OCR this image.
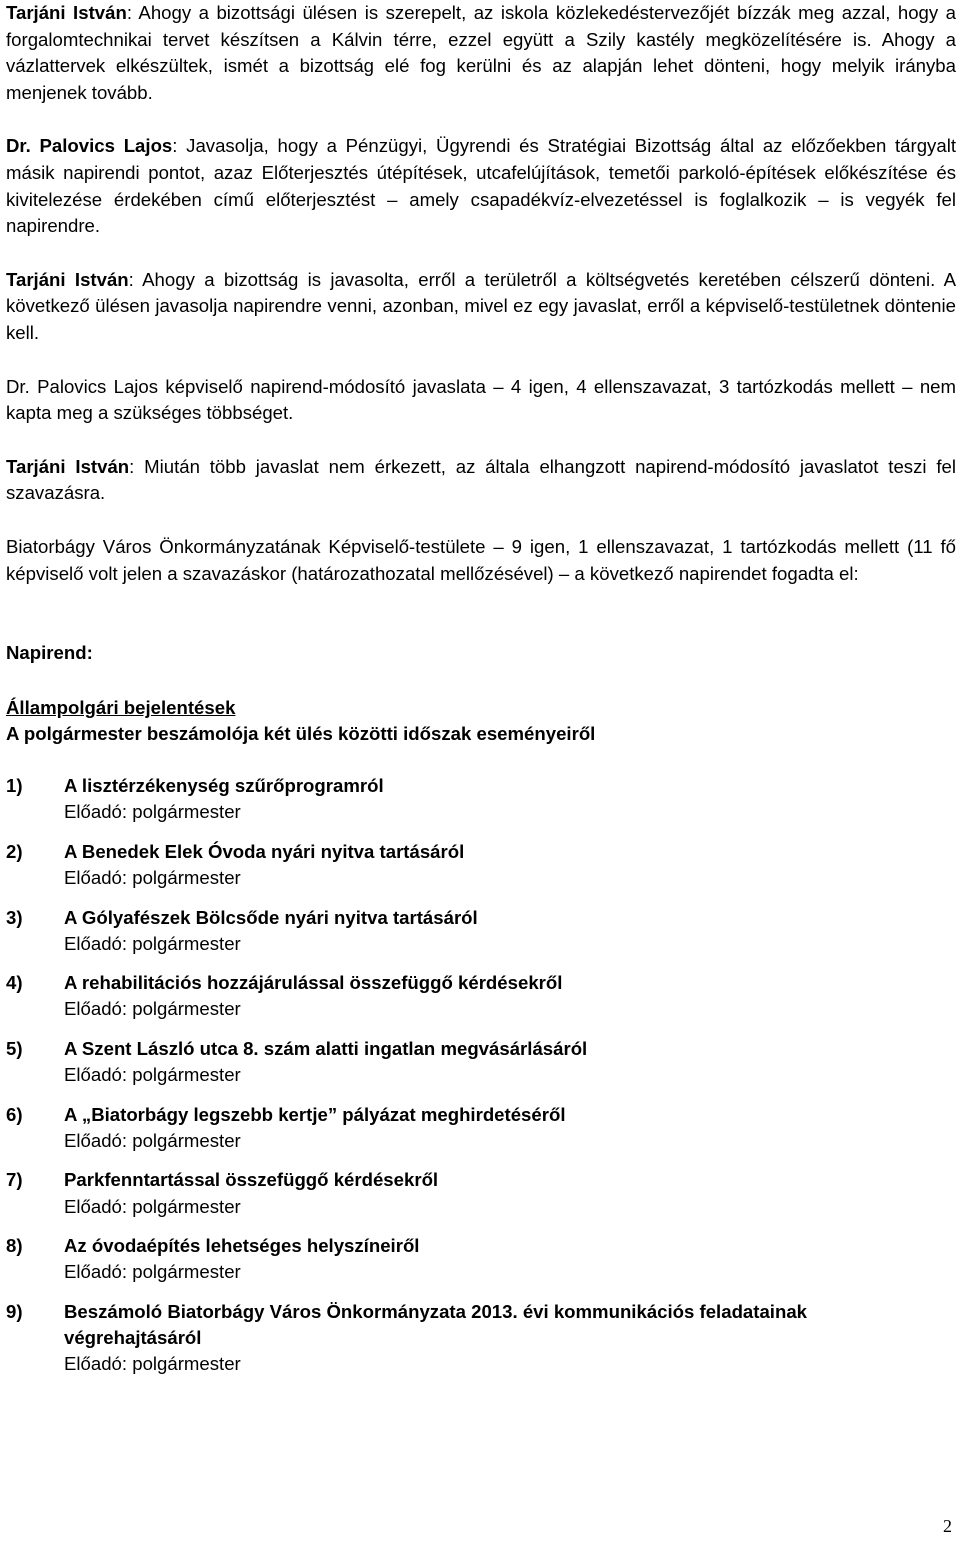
Tarjáni István: Ahogy a bizottsági ülésen is szerepelt, az iskola közlekedéstervezőjét bízzák meg azzal, hogy a forgalomtechnikai tervet készítsen a Kálvin térre, ezzel együtt a Szily kastély megközelítésére is. Ahogy a vázlattervek elkészültek, ismét a bizottság elé fog kerülni és az alapján lehet dönteni, hogy melyik irányba menjenek tovább.

Dr. Palovics Lajos: Javasolja, hogy a Pénzügyi, Ügyrendi és Stratégiai Bizottság által az előzőekben tárgyalt másik napirendi pontot, azaz Előterjesztés útépítések, utcafelújítások, temetői parkoló-építések előkészítése és kivitelezése érdekében című előterjesztést – amely csapadékvíz-elvezetéssel is foglalkozik – is vegyék fel napirendre.

Tarjáni István: Ahogy a bizottság is javasolta, erről a területről a költségvetés keretében célszerű dönteni. A következő ülésen javasolja napirendre venni, azonban, mivel ez egy javaslat, erről a képviselő-testületnek döntenie kell.

Dr. Palovics Lajos képviselő napirend-módosító javaslata – 4 igen, 4 ellenszavazat, 3 tartózkodás mellett – nem kapta meg a szükséges többséget.

Tarjáni István: Miután több javaslat nem érkezett, az általa elhangzott napirend-módosító javaslatot teszi fel szavazásra.

Biatorbágy Város Önkormányzatának Képviselő-testülete – 9 igen, 1 ellenszavazat, 1 tartózkodás mellett (11 fő képviselő volt jelen a szavazáskor (határozathozatal mellőzésével) – a következő napirendet fogadta el:

Napirend:
Állampolgári bejelentések
A polgármester beszámolója két ülés közötti időszak eseményeiről
1)	A lisztérzékenység szűrőprogramról
Előadó: polgármester
2)	A Benedek Elek Óvoda nyári nyitva tartásáról
Előadó: polgármester
3)	A Gólyafészek Bölcsőde nyári nyitva tartásáról
Előadó: polgármester
4)	A rehabilitációs hozzájárulással összefüggő kérdésekről
Előadó: polgármester
5)	A Szent László utca 8. szám alatti ingatlan megvásárlásáról
Előadó: polgármester
6)	A „Biatorbágy legszebb kertje” pályázat meghirdetéséről
Előadó: polgármester
7)	Parkfenntartással összefüggő kérdésekről
Előadó: polgármester
8)	Az óvodaépítés lehetséges helyszíneiről
Előadó: polgármester
9)	Beszámoló Biatorbágy Város Önkormányzata 2013. évi kommunikációs feladatainak végrehajtásáról
Előadó: polgármester
2
